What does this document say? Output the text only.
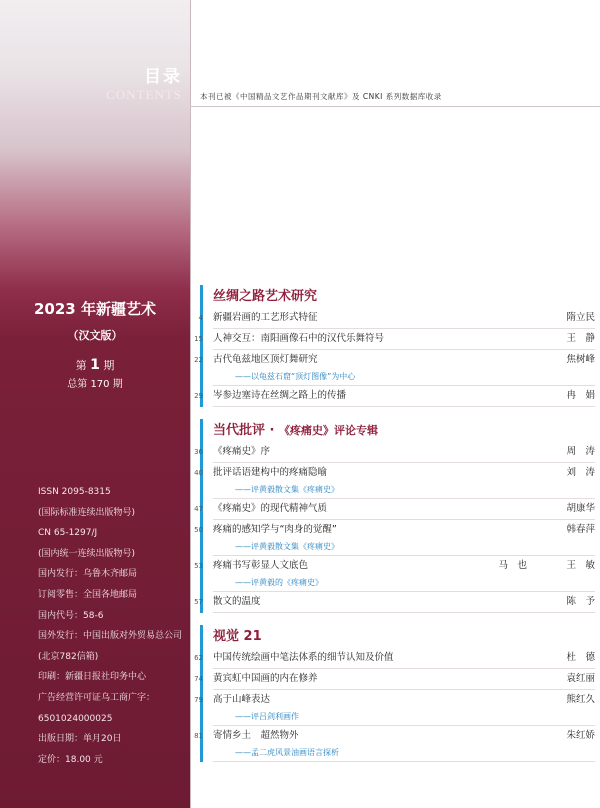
目录
CONTENTS 本刊已被《中国精品文艺作品期刊文献库》及 CNKI 系列数据库收录
2023 年新疆艺术
（汉文版）
第 1 期
总第 170 期
ISSN 2095-8315
(国际标准连续出版物号)
CN 65-1297/J
(国内统一连续出版物号)
国内发行：乌鲁木齐邮局
订阅零售：全国各地邮局
国内代号：58-6
国外发行：中国出版对外贸易总公司
(北京782信箱)
印刷：新疆日报社印务中心
广告经营许可证乌工商广字：
6501024000025
出版日期：单月20日
定价：18.00 元
丝绸之路艺术研究
4 新疆岩画的工艺形式特征	隋立民
15 人神交互：南阳画像石中的汉代乐舞符号	王　静
22 古代龟兹地区顶灯舞研究	焦树峰
——以龟兹石窟“顶灯图像”为中心
29 岑参边塞诗在丝绸之路上的传播	冉　娟
当代批评 · 《疼痛史》评论专辑
36 《疼痛史》序	周　涛
40 批评话语建构中的疼痛隐喻	刘　涛
——评黄毅散文集《疼痛史》
47 《疼痛史》的现代精神气质	胡康华
50 疼痛的感知学与“肉身的觉醒”	韩春萍
——评黄毅散文集《疼痛史》
53 疼痛书写彰显人文底色	马　也	王　敏
——评黄毅的《疼痛史》
57 散文的温度	陈　予
视觉 21
62 中国传统绘画中笔法体系的细节认知及价值	杜　德
74 黄宾虹中国画的内在修养	袁红丽
79 高于山峰表达	熊红久
——评吕剑利画作
81 寄情乡土　超然物外	朱红娇
——孟二虎风景油画语言探析
